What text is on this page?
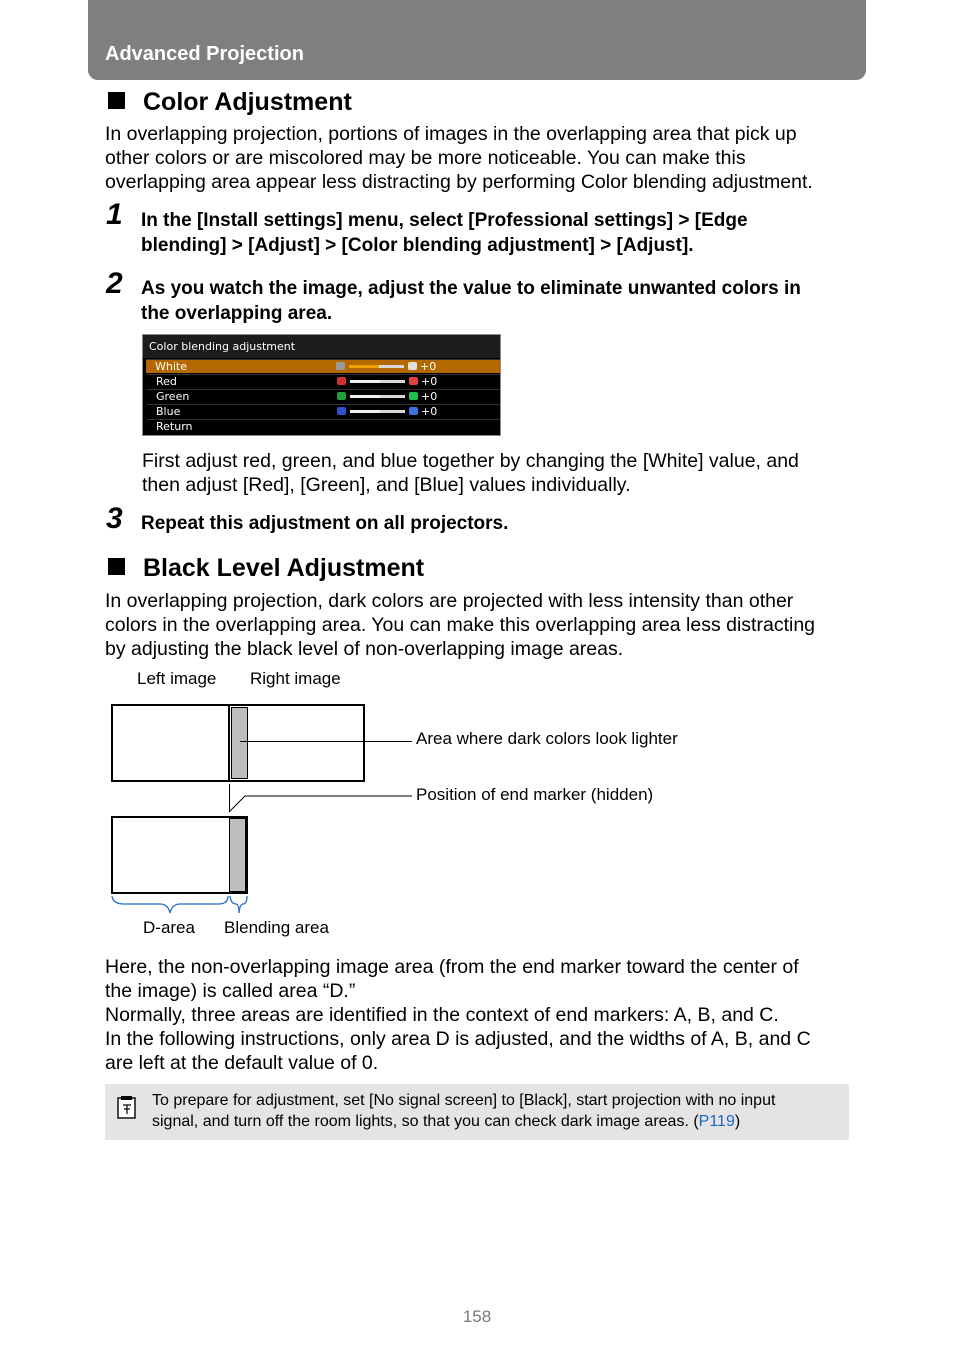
Advanced Projection
Color Adjustment
In overlapping projection, portions of images in the overlapping area that pick up
other colors or are miscolored may be more noticeable. You can make this
overlapping area appear less distracting by performing Color blending adjustment.
1 In the [Install settings] menu, select [Professional settings] > [Edge
blending] > [Adjust] > [Color blending adjustment] > [Adjust].
2 As you watch the image, adjust the value to eliminate unwanted colors in
the overlapping area.
Color blending adjustment
White	+0
Red	+0
Green	+0
Blue	+0
Return
First adjust red, green, and blue together by changing the [White] value, and
then adjust [Red], [Green], and [Blue] values individually.
3 Repeat this adjustment on all projectors.
Black Level Adjustment
In overlapping projection, dark colors are projected with less intensity than other
colors in the overlapping area. You can make this overlapping area less distracting
by adjusting the black level of non-overlapping image areas.
Left image Right image
Area where dark colors look lighter
Position of end marker (hidden)
D-area Blending area
Here, the non-overlapping image area (from the end marker toward the center of
the image) is called area “D.”
Normally, three areas are identified in the context of end markers: A, B, and C.
In the following instructions, only area D is adjusted, and the widths of A, B, and C
are left at the default value of 0.
To prepare for adjustment, set [No signal screen] to [Black], start projection with no input
signal, and turn off the room lights, so that you can check dark image areas. (P119)
158
